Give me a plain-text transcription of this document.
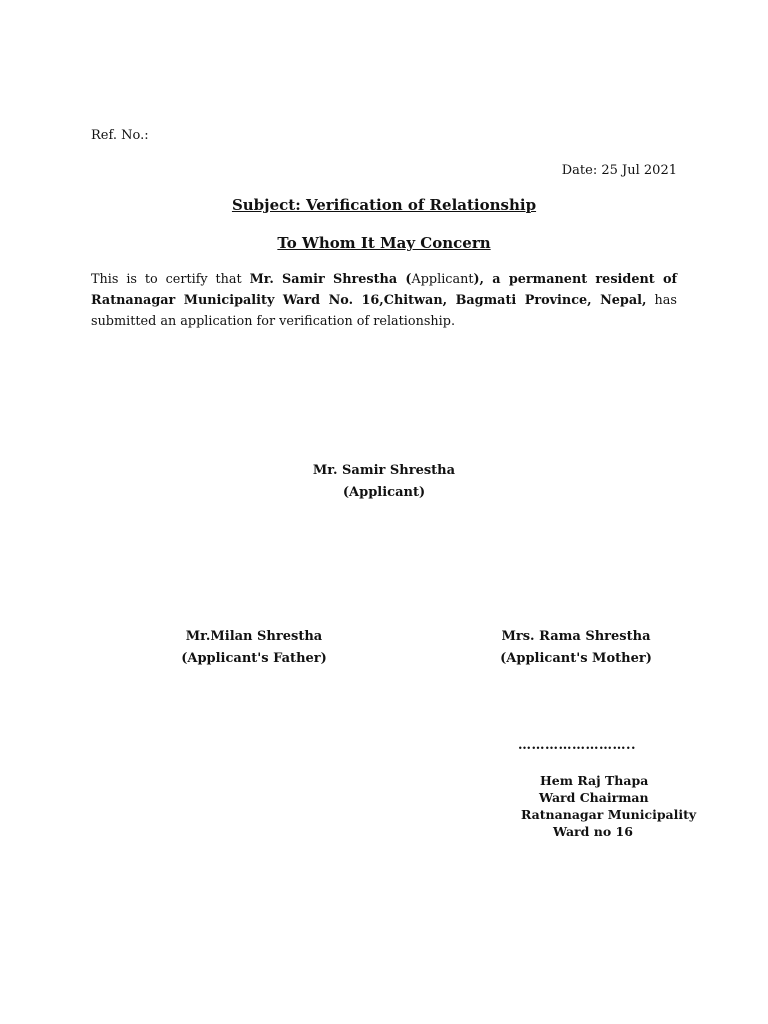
Ref. No.:
Date: 25 Jul 2021
Subject: Verification of Relationship
To Whom It May Concern
This is to certify that Mr. Samir Shrestha (Applicant), a permanent resident of Ratnanagar Municipality Ward No. 16,Chitwan, Bagmati Province, Nepal, has submitted an application for verification of relationship.
Mr. Samir Shrestha
(Applicant)
Mr.Milan Shrestha
(Applicant's Father)
Mrs. Rama Shrestha
(Applicant's Mother)
……………………..
Hem Raj Thapa
Ward Chairman
Ratnanagar Municipality
Ward no 16
